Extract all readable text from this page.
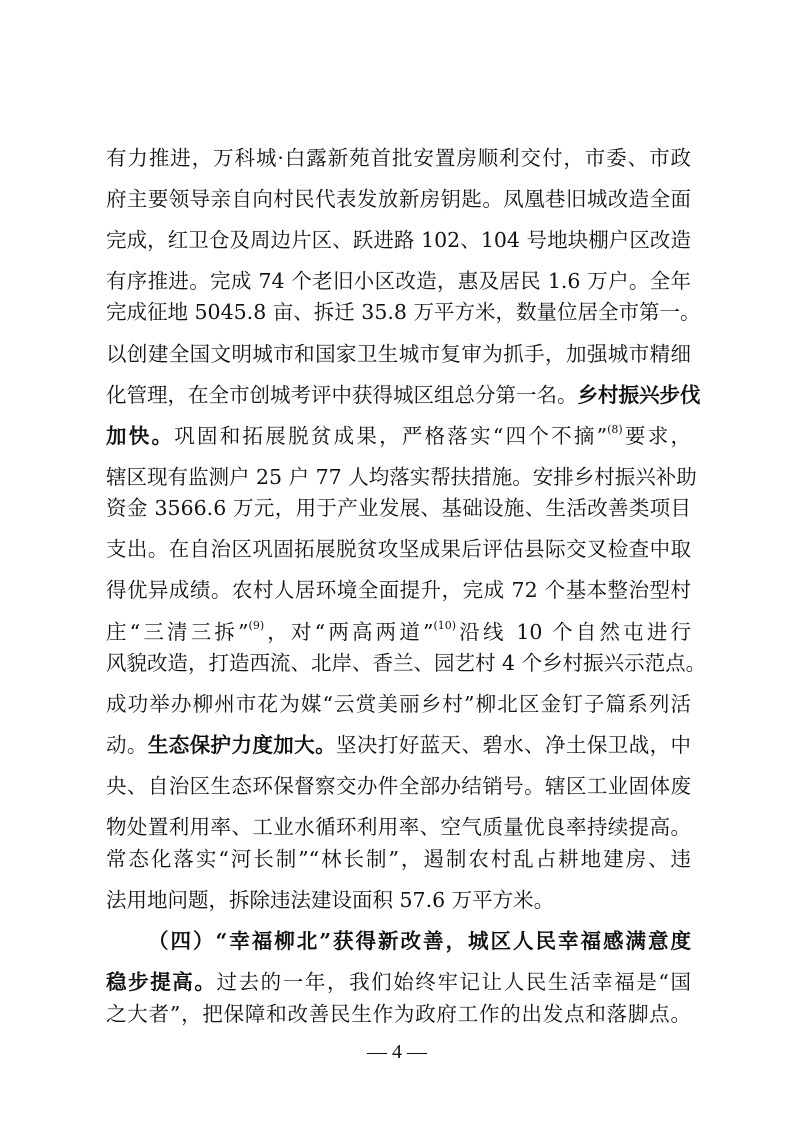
有力推进，万科城·白露新苑首批安置房顺利交付，市委、市政
府主要领导亲自向村民代表发放新房钥匙。凤凰巷旧城改造全面
完成，红卫仓及周边片区、跃进路 102、104 号地块棚户区改造
有序推进。完成 74 个老旧小区改造，惠及居民 1.6 万户。全年
完成征地 5045.8 亩、拆迁 35.8 万平方米，数量位居全市第一。
以创建全国文明城市和国家卫生城市复审为抓手，加强城市精细
化管理，在全市创城考评中获得城区组总分第一名。乡村振兴步伐
加快。巩固和拓展脱贫成果，严格落实“四个不摘”$^{(8)}$要求，
辖区现有监测户 25 户 77 人均落实帮扶措施。安排乡村振兴补助
资金 3566.6 万元，用于产业发展、基础设施、生活改善类项目
支出。在自治区巩固拓展脱贫攻坚成果后评估县际交叉检查中取
得优异成绩。农村人居环境全面提升，完成 72 个基本整治型村
庄“三清三拆”$^{(9)}$，对“两高两道”$^{(10)}$沿线 10 个自然屯进行
风貌改造，打造西流、北岸、香兰、园艺村 4 个乡村振兴示范点。
成功举办柳州市花为媒“云赏美丽乡村”柳北区金钉子篇系列活
动。生态保护力度加大。坚决打好蓝天、碧水、净土保卫战，中
央、自治区生态环保督察交办件全部办结销号。辖区工业固体废
物处置利用率、工业水循环利用率、空气质量优良率持续提高。
常态化落实“河长制”“林长制”，遏制农村乱占耕地建房、违
法用地问题，拆除违法建设面积 57.6 万平方米。
（四）“幸福柳北”获得新改善，城区人民幸福感满意度
稳步提高。过去的一年，我们始终牢记让人民生活幸福是“国
之大者”，把保障和改善民生作为政府工作的出发点和落脚点。
— 4 —
